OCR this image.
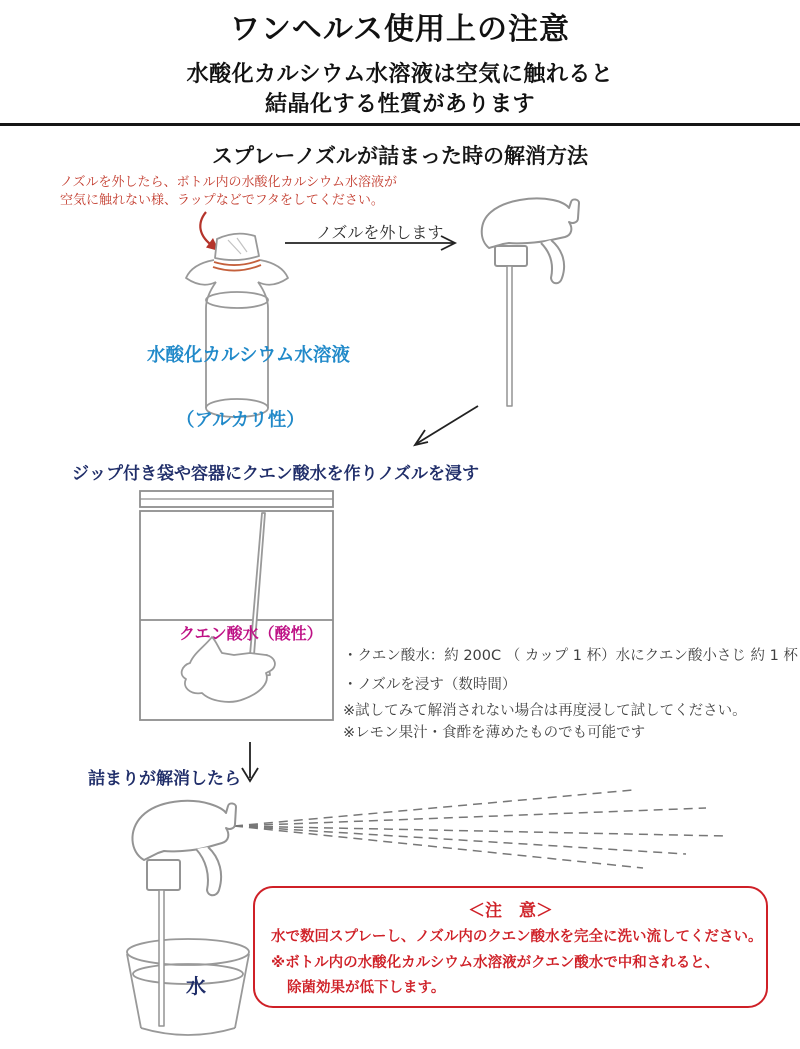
ワンヘルス使用上の注意
水酸化カルシウム水溶液は空気に触れると
結晶化する性質があります
スプレーノズルが詰まった時の解消方法
ノズルを外したら、ボトル内の水酸化カルシウム水溶液が
空気に触れない様、ラップなどでフタをしてください。
ノズルを外します
水酸化カルシウム水溶液
（アルカリ性）
ジップ付き袋や容器にクエン酸水を作りノズルを浸す
クエン酸水（酸性）
・クエン酸水：約 200C （ カップ 1 杯）水にクエン酸小さじ 約 1 杯
・ノズルを浸す（数時間）
※試してみて解消されない場合は再度浸して試してください。
※レモン果汁・食酢を薄めたものでも可能です
詰まりが解消したら
水
＜注　意＞
水で数回スプレーし、ノズル内のクエン酸水を完全に洗い流してください。
※ボトル内の水酸化カルシウム水溶液がクエン酸水で中和されると、
除菌効果が低下します。
